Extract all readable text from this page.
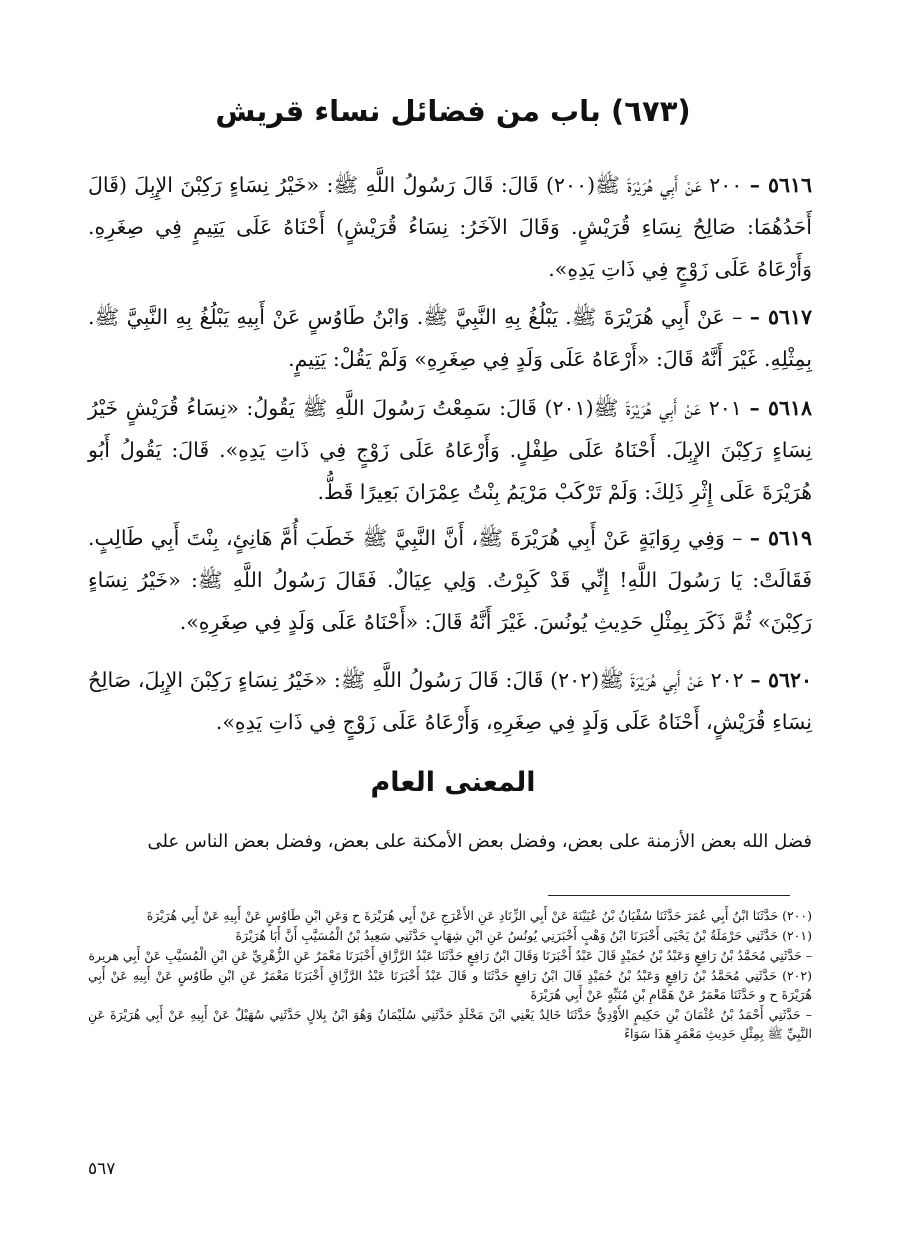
(٦٧٣) باب من فضائل نساء قريش

٥٦١٦ – ٢٠٠ عَنْ أَبِي هُرَيْرَةَ ﷺ(٢٠٠) قَالَ: قَالَ رَسُولُ اللَّهِ ﷺ: «خَيْرُ نِسَاءٍ رَكِبْنَ الإِبِلَ (قَالَ أَحَدُهُمَا: صَالِحُ نِسَاءِ قُرَيْشٍ. وَقَالَ الآخَرُ: نِسَاءُ قُرَيْشٍ) أَحْنَاهُ عَلَى يَتِيمٍ فِي صِغَرِهِ. وَأَرْعَاهُ عَلَى زَوْجٍ فِي ذَاتِ يَدِهِ».

٥٦١٧ – – عَنْ أَبِي هُرَيْرَةَ ﷺ. يَبْلُغُ بِهِ النَّبِيَّ ﷺ. وَابْنُ طَاوُسٍ عَنْ أَبِيهِ يَبْلُغُ بِهِ النَّبِيَّ ﷺ. بِمِثْلِهِ. غَيْرَ أَنَّهُ قَالَ: «أَرْعَاهُ عَلَى وَلَدٍ فِي صِغَرِهِ» وَلَمْ يَقُلْ: يَتِيمٍ.

٥٦١٨ – ٢٠١ عَنْ أَبِي هُرَيْرَةَ ﷺ(٢٠١) قَالَ: سَمِعْتُ رَسُولَ اللَّهِ ﷺ يَقُولُ: «نِسَاءُ قُرَيْشٍ خَيْرُ نِسَاءٍ رَكِبْنَ الإِبِلَ. أَحْنَاهُ عَلَى طِفْلٍ. وَأَرْعَاهُ عَلَى زَوْجٍ فِي ذَاتِ يَدِهِ». قَالَ: يَقُولُ أَبُو هُرَيْرَةَ عَلَى إِثْرِ ذَلِكَ: وَلَمْ تَرْكَبْ مَرْيَمُ بِنْتُ عِمْرَانَ بَعِيرًا قَطُّ.

٥٦١٩ – – وَفِي رِوَايَةٍ عَنْ أَبِي هُرَيْرَةَ ﷺ، أَنَّ النَّبِيَّ ﷺ خَطَبَ أُمَّ هَانِئٍ، بِنْتَ أَبِي طَالِبٍ. فَقَالَتْ: يَا رَسُولَ اللَّهِ! إِنِّي قَدْ كَبِرْتُ. وَلِي عِيَالٌ. فَقَالَ رَسُولُ اللَّهِ ﷺ: «خَيْرُ نِسَاءٍ رَكِبْنَ» ثُمَّ ذَكَرَ بِمِثْلِ حَدِيثِ يُونُسَ. غَيْرَ أَنَّهُ قَالَ: «أَحْنَاهُ عَلَى وَلَدٍ فِي صِغَرِهِ».

٥٦٢٠ – ٢٠٢ عَنْ أَبِي هُرَيْرَةَ ﷺ(٢٠٢) قَالَ: قَالَ رَسُولُ اللَّهِ ﷺ: «خَيْرُ نِسَاءٍ رَكِبْنَ الإِبِلَ، صَالِحُ نِسَاءِ قُرَيْشٍ، أَحْنَاهُ عَلَى وَلَدٍ فِي صِغَرِهِ، وَأَرْعَاهُ عَلَى زَوْجٍ فِي ذَاتِ يَدِهِ».

المعنى العام

فضل الله بعض الأزمنة على بعض، وفضل بعض الأمكنة على بعض، وفضل بعض الناس على

(٢٠٠) حَدَّثَنَا ابْنُ أَبِي عُمَرَ حَدَّثَنَا سُفْيَانُ بْنُ عُيَيْنَةَ عَنْ أَبِي الزِّنَادِ عَنِ الأَعْرَجِ عَنْ أَبِي هُرَيْرَةَ ح وَعَنِ ابْنِ طَاوُسٍ عَنْ أَبِيهِ عَنْ أَبِي هُرَيْرَةَ

(٢٠١) حَدَّثَنِي حَرْمَلَةُ بْنُ يَحْيَى أَخْبَرَنَا ابْنُ وَهْبٍ أَخْبَرَنِي يُونُسُ عَنِ ابْنِ شِهَابٍ حَدَّثَنِي سَعِيدُ بْنُ الْمُسَيَّبِ أَنَّ أَبَا هُرَيْرَةَ

– حَدَّثَنِي مُحَمَّدُ بْنُ رَافِعٍ وَعَبْدُ بْنُ حُمَيْدٍ قَالَ عَبْدٌ أَخْبَرَنَا وَقَالَ ابْنُ رَافِعٍ حَدَّثَنَا عَبْدُ الرَّزَّاقِ أَخْبَرَنَا مَعْمَرٌ عَنِ الزُّهْرِيِّ عَنِ ابْنِ الْمُسَيَّبِ عَنْ أَبِي هريرة

(٢٠٢) حَدَّثَنِي مُحَمَّدُ بْنُ رَافِعٍ وَعَبْدُ بْنُ حُمَيْدٍ قَالَ ابْنُ رَافِعٍ حَدَّثَنَا و قَالَ عَبْدٌ أَخْبَرَنَا عَبْدُ الرَّزَّاقِ أَخْبَرَنَا مَعْمَرٌ عَنِ ابْنِ طَاوُسٍ عَنْ أَبِيهِ عَنْ أَبِي هُرَيْرَةَ ح و حَدَّثَنَا مَعْمَرٌ عَنْ هَمَّامِ بْنِ مُنَبِّهٍ عَنْ أَبِي هُرَيْرَةَ

– حَدَّثَنِي أَحْمَدُ بْنُ عُثْمَانَ بْنِ حَكِيمٍ الأَوْدِيُّ حَدَّثَنَا خَالِدٌ يَعْنِي ابْنَ مَخْلَدٍ حَدَّثَنِي سُلَيْمَانُ وَهُوَ ابْنُ بِلالٍ حَدَّثَنِي سُهَيْلٌ عَنْ أَبِيهِ عَنْ أَبِي هُرَيْرَةَ عَنِ النَّبِيِّ ﷺ بِمِثْلِ حَدِيثِ مَعْمَرٍ هَذَا سَوَاءً

٥٦٧
